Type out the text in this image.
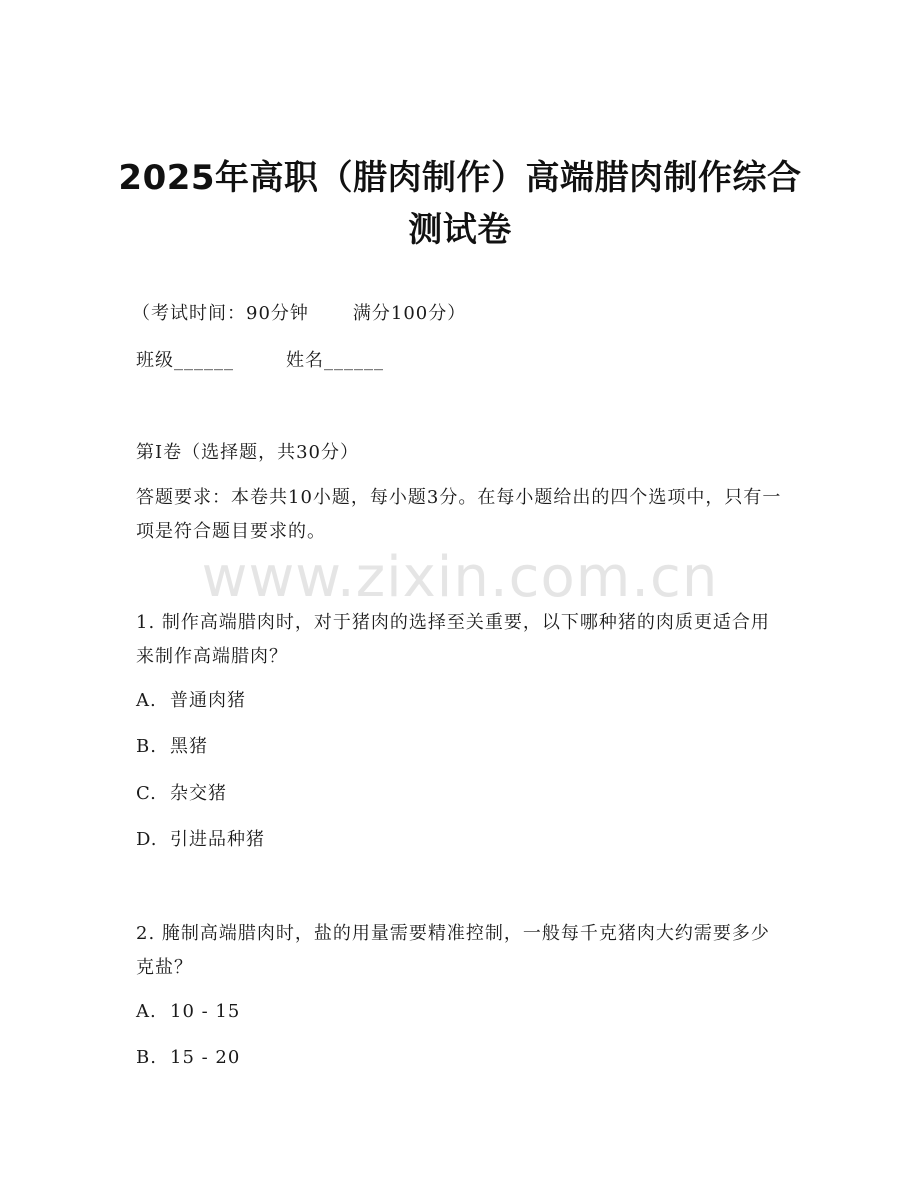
2025年高职（腊肉制作）高端腊肉制作综合
测试卷
（考试时间：90分钟 满分100分）
班级______	姓名______
第I卷（选择题，共30分）
答题要求：本卷共10小题，每小题3分。在每小题给出的四个选项中，只有一项是符合题目要求的。
www.zixin.com.cn
1. 制作高端腊肉时，对于猪肉的选择至关重要，以下哪种猪的肉质更适合用来制作高端腊肉？
A. 普通肉猪
B. 黑猪
C. 杂交猪
D. 引进品种猪
2. 腌制高端腊肉时，盐的用量需要精准控制，一般每千克猪肉大约需要多少克盐？
A. 10 - 15
B. 15 - 20
